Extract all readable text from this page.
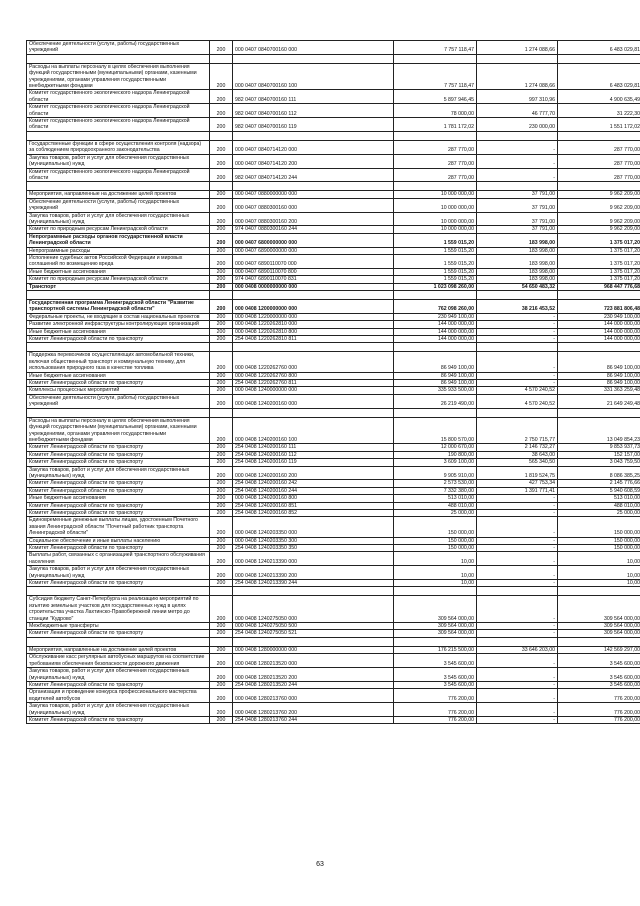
Обеспечение деятельности (услуги, работы) государственных учреждений	200	000 0407 0840700160 000	7 757 118,47	1 274 088,66	6 483 029,81

Расходы на выплаты персоналу в целях обеспечения выполнения функций государственными (муниципальными) органами, казенными учреждениями, органами управления государственными внебюджетными фондами	200	000 0407 0840700160 100	7 757 118,47	1 274 088,66	6 483 029,81
Комитет государственного экологического надзора Ленинградской области	200	982 0407 0840700160 111	5 897 946,45	997 310,96	4 900 635,49
Комитет государственного экологического надзора Ленинградской области	200	982 0407 0840700160 112	78 000,00	46 777,70	31 222,30
Комитет государственного экологического надзора Ленинградской области	200	982 0407 0840700160 119	1 781 172,02	230 000,00	1 551 172,02

Государственные функции в сфере осуществления контроля (надзора) за соблюдением природоохранного законодательства	200	000 0407 0840714120 000	287 770,00	-	287 770,00
Закупка товаров, работ и услуг для обеспечения государственных (муниципальных) нужд	200	000 0407 0840714120 200	287 770,00	-	287 770,00
Комитет государственного экологического надзора Ленинградской области	200	982 0407 0840714120 244	287 770,00	-	287 770,00

Мероприятия, направленные на достижение целей проектов	200	000 0407 0880000000 000	10 000 000,00	37 791,00	9 962 209,00
Обеспечение деятельности (услуги, работы) государственных учреждений	200	000 0407 0880300160 000	10 000 000,00	37 791,00	9 962 209,00
Закупка товаров, работ и услуг для обеспечения государственных (муниципальных) нужд	200	000 0407 0880300160 200	10 000 000,00	37 791,00	9 962 209,00
Комитет по природным ресурсам Ленинградской области	200	974 0407 0880300160 244	10 000 000,00	37 791,00	9 962 209,00
Непрограммные расходы органов государственной власти Ленинградской области	200	000 0407 6800000000 000	1 559 015,20	183 998,00	1 375 017,20
Непрограммные расходы	200	000 0407 6890000000 000	1 559 015,20	183 998,00	1 375 017,20
Исполнение судебных актов Российской Федерации и мировых соглашений по возмещению вреда	200	000 0407 6890110070 000	1 559 015,20	183 998,00	1 375 017,20
Иные бюджетные ассигнования	200	000 0407 6890110070 800	1 559 015,20	183 998,00	1 375 017,20
Комитет по природным ресурсам Ленинградской области	200	974 0407 6890110070 831	1 559 015,20	183 998,00	1 375 017,20
Транспорт	200	000 0408 0000000000 000	1 023 098 260,00	54 650 483,32	968 447 776,68

Государственная программа Ленинградской области "Развитие транспортной системы Ленинградской области"	200	000 0408 1200000000 000	762 098 260,00	38 216 453,52	723 881 806,48
Федеральные проекты, не входящие в состав национальных проектов	200	000 0408 1220000000 000	230 949 100,00	-	230 949 100,00
Развитие электронной инфраструктуры контролирующих организаций	200	000 0408 1220262810 000	144 000 000,00	-	144 000 000,00
Иные бюджетные ассигнования	200	000 0408 1220262810 800	144 000 000,00	-	144 000 000,00
Комитет Ленинградской области по транспорту	200	254 0408 1220262810 811	144 000 000,00	-	144 000 000,00

Поддержка перевозчиков осуществляющих автомобильной техники, включая общественный транспорт и коммунальную технику, для использования природного газа в качестве топлива	200	000 0408 1220262760 000	86 949 100,00	-	86 949 100,00
Иные бюджетные ассигнования	200	000 0408 1220262760 800	86 949 100,00	-	86 949 100,00
Комитет Ленинградской области по транспорту	200	254 0408 1220262760 811	86 949 100,00	-	86 949 100,00
Комплексы процессных мероприятий	200	000 0408 1240000000 000	335 933 500,00	4 570 240,52	331 363 259,48
Обеспечение деятельности (услуги, работы) государственных учреждений	200	000 0408 1240200160 000	26 219 490,00	4 570 240,52	21 649 249,48

Расходы на выплаты персоналу в целях обеспечения выполнения функций государственными (муниципальными) органами, казенными учреждениями, органами управления государственными внебюджетными фондами	200	000 0408 1240200160 100	15 800 570,00	2 750 715,77	13 049 854,23
Комитет Ленинградской области по транспорту	200	254 0408 1240200160 111	12 000 670,00	2 146 732,27	9 853 937,73
Комитет Ленинградской области по транспорту	200	254 0408 1240200160 112	190 800,00	38 643,00	152 157,00
Комитет Ленинградской области по транспорту	200	254 0408 1240200160 119	3 609 100,00	565 340,50	3 043 759,50
Закупка товаров, работ и услуг для обеспечения государственных (муниципальных) нужд	200	000 0408 1240200160 200	9 905 910,00	1 819 524,75	8 086 385,25
Комитет Ленинградской области по транспорту	200	254 0408 1240200160 242	2 573 530,00	427 753,34	2 145 776,66
Комитет Ленинградской области по транспорту	200	254 0408 1240200160 244	7 332 380,00	1 391 771,41	5 940 608,59
Иные бюджетные ассигнования	200	000 0408 1240200160 800	513 010,00	-	513 010,00
Комитет Ленинградской области по транспорту	200	254 0408 1240200160 851	488 010,00	-	488 010,00
Комитет Ленинградской области по транспорту	200	254 0408 1240200160 852	25 000,00	-	25 000,00
Единовременные денежные выплаты лицам, удостоенным Почетного звания Ленинградской области "Почетный работник транспорта Ленинградской области"	200	000 0408 1240203350 000	150 000,00	-	150 000,00
Социальное обеспечение и иные выплаты населению	200	000 0408 1240203350 300	150 000,00	-	150 000,00
Комитет Ленинградской области по транспорту	200	254 0408 1240203350 350	150 000,00	-	150 000,00
Выплаты работ, связанных с организацией транспортного обслуживания населения	200	000 0408 1240213390 000	10,00	-	10,00
Закупка товаров, работ и услуг для обеспечения государственных (муниципальных) нужд	200	000 0408 1240213390 200	10,00	-	10,00
Комитет Ленинградской области по транспорту	200	254 0408 1240213390 244	10,00	-	10,00

Субсидия бюджету Санкт-Петербурга на реализацию мероприятий по изъятию земельных участков для государственных нужд в целях строительства участка Лахтинско-Правобережной линии метро до станции "Кудрово"	200	000 0408 1240275050 000	309 564 000,00	-	309 564 000,00
Межбюджетные трансферты	200	000 0408 1240275050 500	309 564 000,00	-	309 564 000,00
Комитет Ленинградской области по транспорту	200	254 0408 1240275050 521	309 564 000,00	-	309 564 000,00

Мероприятия, направленные на достижение целей проектов	200	000 0408 1280000000 000	176 215 500,00	33 646 203,00	142 569 297,00
Обслуживание касс регулярных автобусных маршрутов на соответствие требованиям обеспечения безопасности дорожного движения	200	000 0408 1280213520 000	3 545 600,00	-	3 545 600,00
Закупка товаров, работ и услуг для обеспечения государственных (муниципальных) нужд	200	000 0408 1280213520 200	3 545 600,00	-	3 545 600,00
Комитет Ленинградской области по транспорту	200	254 0408 1280213520 244	3 545 600,00	-	3 545 600,00
Организация и проведение конкурса профессионального мастерства водителей автобусов	200	000 0408 1280213760 000	776 200,00	-	776 200,00
Закупка товаров, работ и услуг для обеспечения государственных (муниципальных) нужд	200	000 0408 1280213760 200	776 200,00	-	776 200,00
Комитет Ленинградской области по транспорту	200	254 0408 1280213760 244	776 200,00	-	776 200,00
63
